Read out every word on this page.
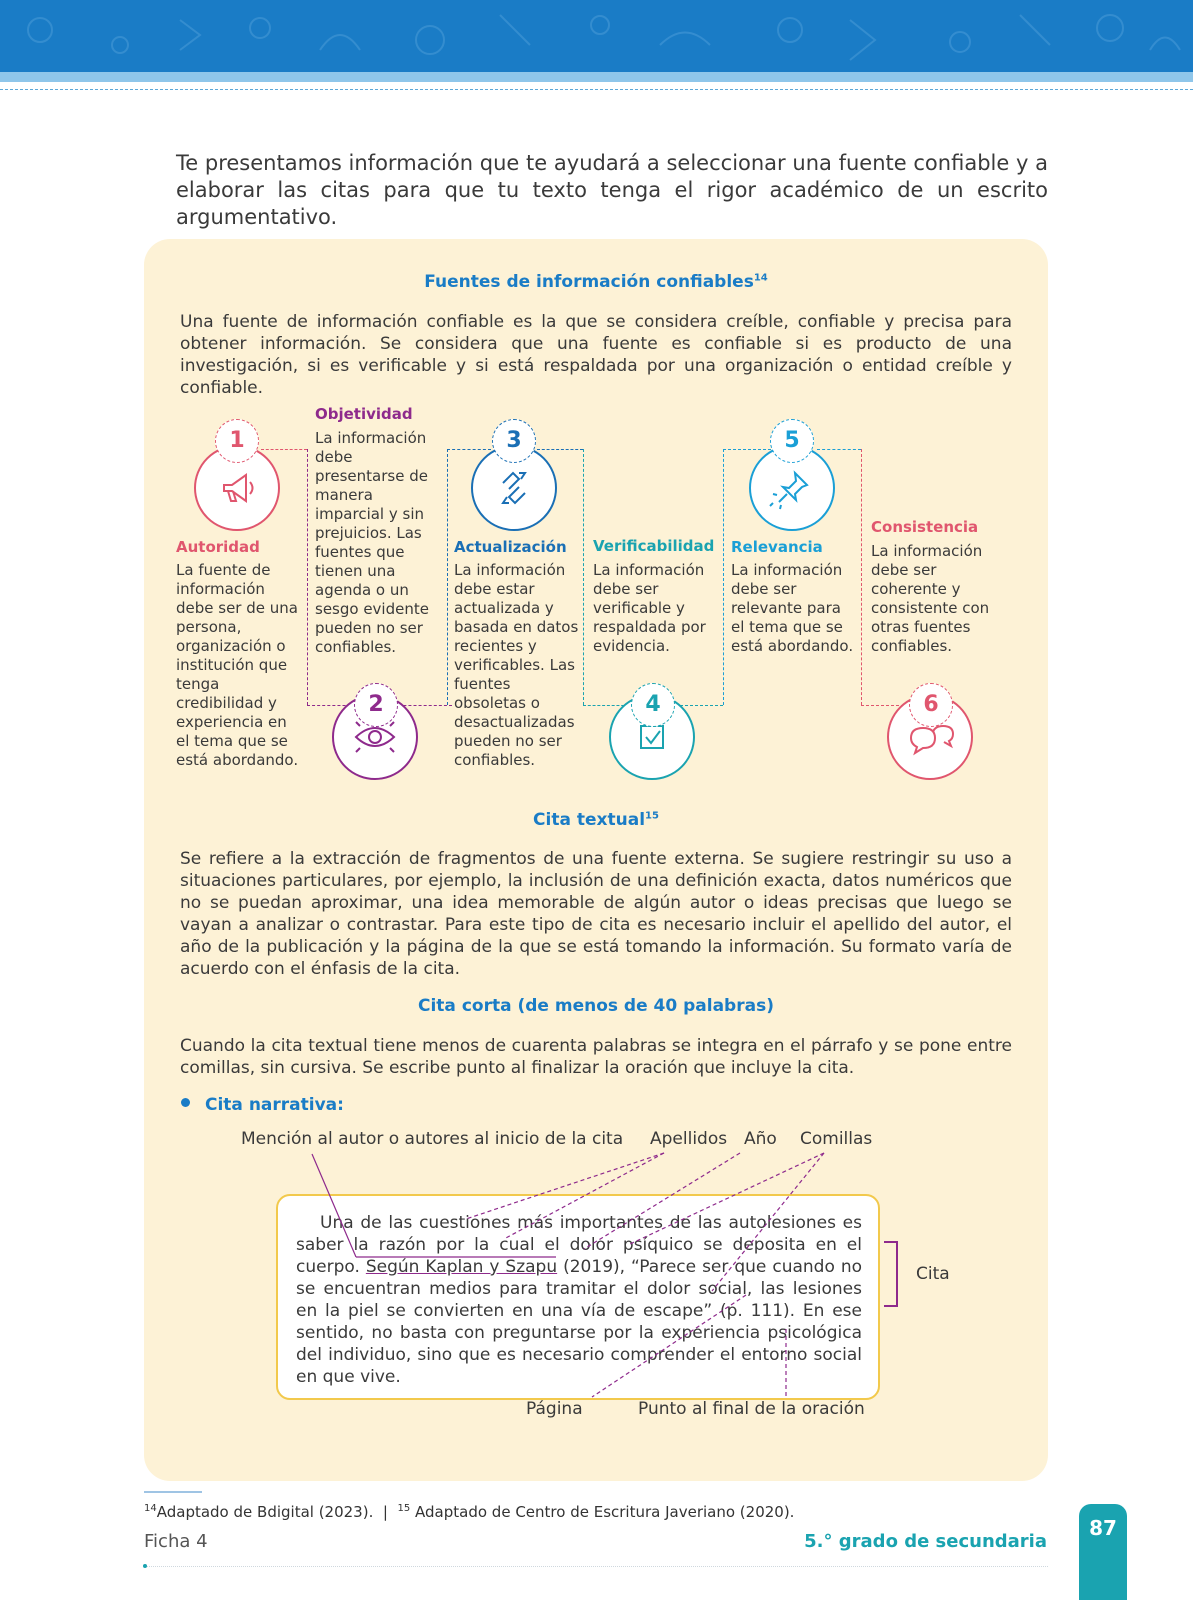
Te presentamos información que te ayudará a seleccionar una fuente confiable y a elaborar las citas para que tu texto tenga el rigor académico de un escrito argumentativo.

Fuentes de información confiables$^{14}$

Una fuente de información confiable es la que se considera creíble, confiable y precisa para obtener información. Se considera que una fuente es confiable si es producto de una investigación, si es verificable y si está respaldada por una organización o entidad creíble y confiable.

1

Autoridad

La fuente de información debe ser de una persona, organización o institución que tenga credibilidad y experiencia en el tema que se está abordando.

Objetividad

La información debe presentarse de manera imparcial y sin prejuicios. Las fuentes que tienen una agenda o un sesgo evidente pueden no ser confiables.

2
3

Actualización

La información debe estar actualizada y basada en datos recientes y verificables. Las fuentes obsoletas o desactualizadas pueden no ser confiables.

Verificabilidad

La información debe ser verificable y respaldada por evidencia.

4
5

Relevancia

La información debe ser relevante para el tema que se está abordando.

Consistencia

La información debe ser coherente y consistente con otras fuentes confiables.

6
Cita textual$^{15}$

Se refiere a la extracción de fragmentos de una fuente externa. Se sugiere restringir su uso a situaciones particulares, por ejemplo, la inclusión de una definición exacta, datos numéricos que no se puedan aproximar, una idea memorable de algún autor o ideas precisas que luego se vayan a analizar o contrastar. Para este tipo de cita es necesario incluir el apellido del autor, el año de la publicación y la página de la que se está tomando la información. Su formato varía de acuerdo con el énfasis de la cita.

Cita corta (de menos de 40 palabras)

Cuando la cita textual tiene menos de cuarenta palabras se integra en el párrafo y se pone entre comillas, sin cursiva. Se escribe punto al finalizar la oración que incluye la cita.

Cita narrativa:

Mención al autor o autores al inicio de la cita Apellidos Año Comillas

Una de las cuestiones más importantes de las autolesiones es saber la razón por la cual el dolor psíquico se deposita en el cuerpo. Según Kaplan y Szapu (2019), “Parece ser que cuando no se encuentran medios para tramitar el dolor social, las lesiones en la piel se convierten en una vía de escape” (p. 111). En ese sentido, no basta con preguntarse por la experiencia psicológica del individuo, sino que es necesario comprender el entorno social en que vive.

Cita

Página	Punto al final de la oración

$^{14}$Adaptado de Bdigital (2023). | $^{15}$ Adaptado de Centro de Escritura Javeriano (2020).

Ficha 4	5.° grado de secundaria

87
